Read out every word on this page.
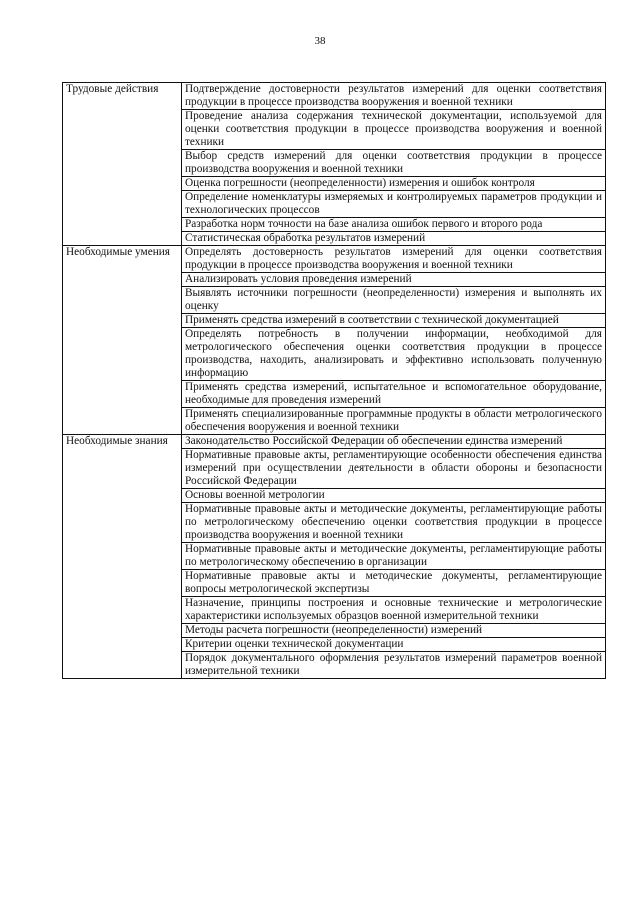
38
Трудовые действия	Подтверждение достоверности результатов измерений для оценки соответствия продукции в процессе производства вооружения и военной техники
	Проведение анализа содержания технической документации, используемой для оценки соответствия продукции в процессе производства вооружения и военной техники
	Выбор средств измерений для оценки соответствия продукции в процессе производства вооружения и военной техники
	Оценка погрешности (неопределенности) измерения и ошибок контроля
	Определение номенклатуры измеряемых и контролируемых параметров продукции и технологических процессов
	Разработка норм точности на базе анализа ошибок первого и второго рода
	Статистическая обработка результатов измерений
Необходимые умения	Определять достоверность результатов измерений для оценки соответствия продукции в процессе производства вооружения и военной техники
	Анализировать условия проведения измерений
	Выявлять источники погрешности (неопределенности) измерения и выполнять их оценку
	Применять средства измерений в соответствии с технической документацией
	Определять потребность в получении информации, необходимой для метрологического обеспечения оценки соответствия продукции в процессе производства, находить, анализировать и эффективно использовать полученную информацию
	Применять средства измерений, испытательное и вспомогательное оборудование, необходимые для проведения измерений
	Применять специализированные программные продукты в области метрологического обеспечения вооружения и военной техники
Необходимые знания	Законодательство Российской Федерации об обеспечении единства измерений
	Нормативные правовые акты, регламентирующие особенности обеспечения единства измерений при осуществлении деятельности в области обороны и безопасности Российской Федерации
	Основы военной метрологии
	Нормативные правовые акты и методические документы, регламентирующие работы по метрологическому обеспечению оценки соответствия продукции в процессе производства вооружения и военной техники
	Нормативные правовые акты и методические документы, регламентирующие работы по метрологическому обеспечению в организации
	Нормативные правовые акты и методические документы, регламентирующие вопросы метрологической экспертизы
	Назначение, принципы построения и основные технические и метрологические характеристики используемых образцов военной измерительной техники
	Методы расчета погрешности (неопределенности) измерений
	Критерии оценки технической документации
	Порядок документального оформления результатов измерений параметров военной измерительной техники
